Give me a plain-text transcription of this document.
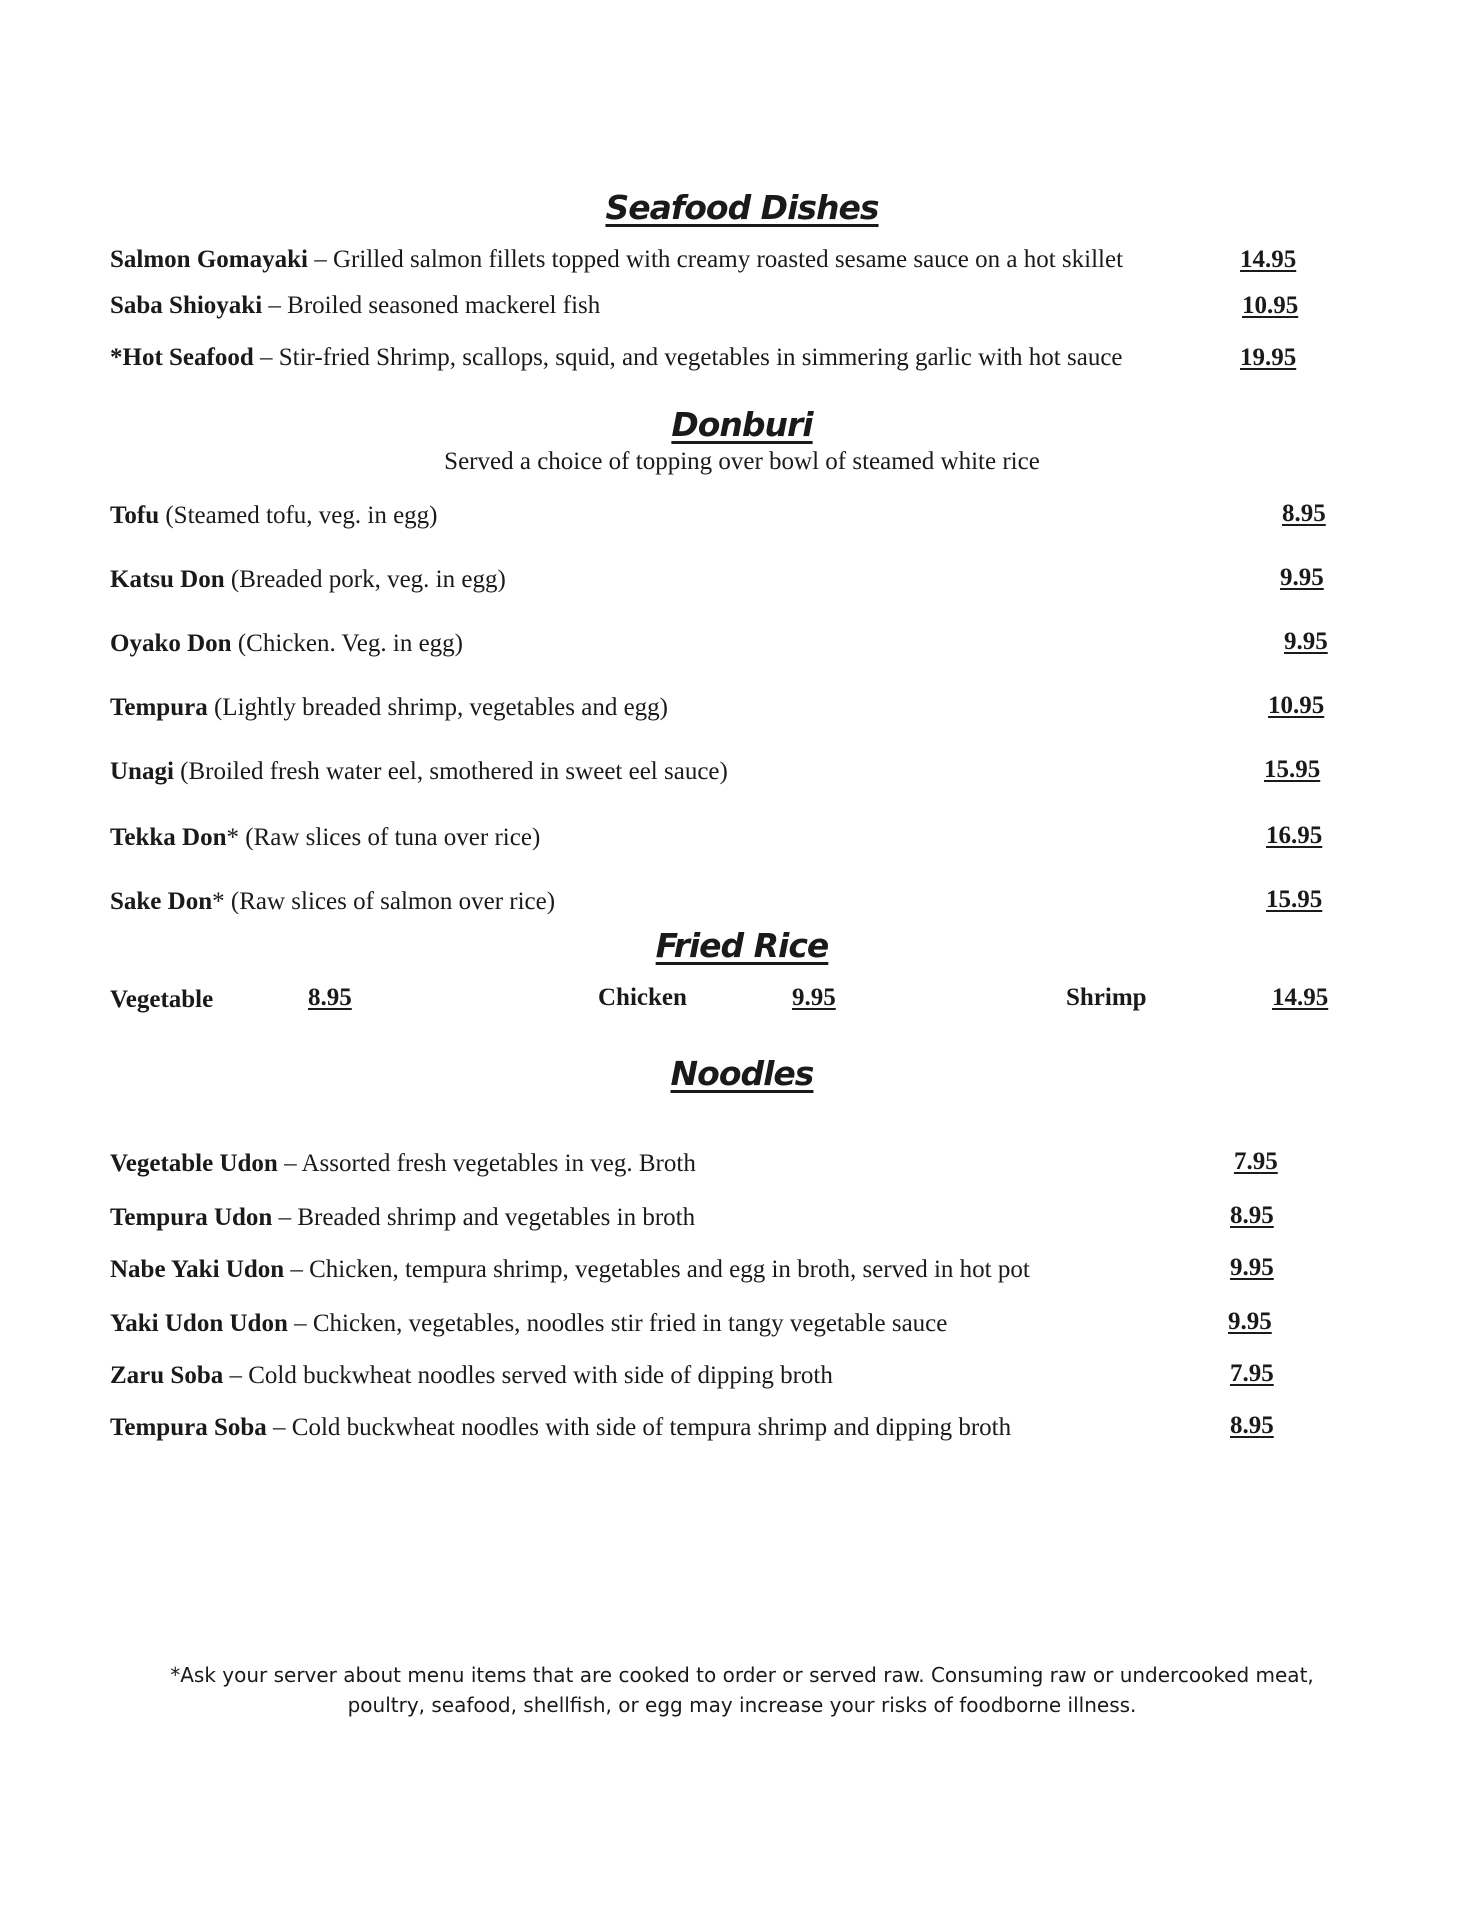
Seafood Dishes
Salmon Gomayaki – Grilled salmon fillets topped with creamy roasted sesame sauce on a hot skillet	14.95
Saba Shioyaki – Broiled seasoned mackerel fish	10.95
*Hot Seafood – Stir-fried Shrimp, scallops, squid, and vegetables in simmering garlic with hot sauce	19.95
Donburi

Served a choice of topping over bowl of steamed white rice

Tofu (Steamed tofu, veg. in egg)	8.95
Katsu Don (Breaded pork, veg. in egg)	9.95
Oyako Don (Chicken. Veg. in egg)	9.95
Tempura (Lightly breaded shrimp, vegetables and egg)	10.95
Unagi (Broiled fresh water eel, smothered in sweet eel sauce)	15.95
Tekka Don* (Raw slices of tuna over rice)	16.95
Sake Don* (Raw slices of salmon over rice)	15.95
Fried Rice
Vegetable	8.95	Chicken	9.95	Shrimp	14.95
Noodles
Vegetable Udon – Assorted fresh vegetables in veg. Broth	7.95
Tempura Udon – Breaded shrimp and vegetables in broth	8.95
Nabe Yaki Udon – Chicken, tempura shrimp, vegetables and egg in broth, served in hot pot	9.95
Yaki Udon Udon – Chicken, vegetables, noodles stir fried in tangy vegetable sauce	9.95
Zaru Soba – Cold buckwheat noodles served with side of dipping broth	7.95
Tempura Soba – Cold buckwheat noodles with side of tempura shrimp and dipping broth	8.95

*Ask your server about menu items that are cooked to order or served raw. Consuming raw or undercooked meat,

poultry, seafood, shellfish, or egg may increase your risks of foodborne illness.
